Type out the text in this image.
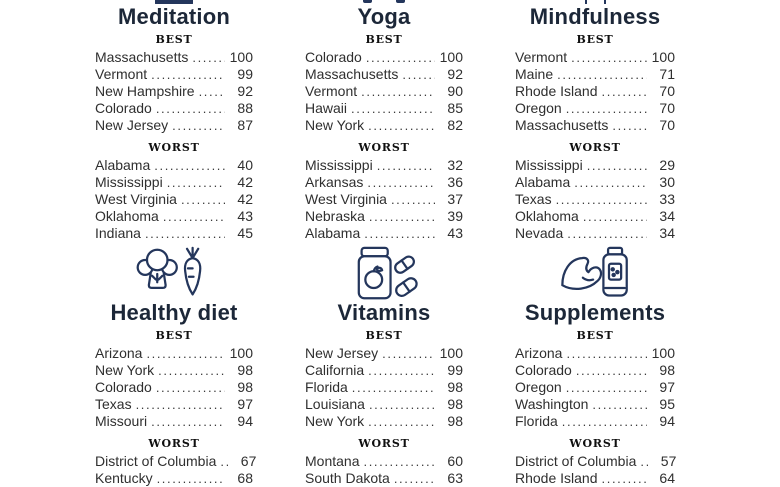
Meditation
BEST
Massachusetts .....	100
Vermont .....	99
New Hampshire .....	92
Colorado .....	88
New Jersey .....	87
WORST
Alabama .....	40
Mississippi .....	42
West Virginia .....	42
Oklahoma .....	43
Indiana .....	45
Yoga
BEST
Colorado .....	100
Massachusetts .....	92
Vermont .....	90
Hawaii .....	85
New York .....	82
WORST
Mississippi .....	32
Arkansas .....	36
West Virginia .....	37
Nebraska .....	39
Alabama .....	43
Mindfulness
BEST
Vermont .....	100
Maine .....	71
Rhode Island .....	70
Oregon .....	70
Massachusetts .....	70
WORST
Mississippi .....	29
Alabama .....	30
Texas .....	33
Oklahoma .....	34
Nevada .....	34
Healthy diet
BEST
Arizona .....	100
New York .....	98
Colorado .....	98
Texas .....	97
Missouri .....	94
WORST
District of Columbia .....	67
Kentucky .....	68
Vitamins
BEST
New Jersey .....	100
California .....	99
Florida .....	98
Louisiana .....	98
New York .....	98
WORST
Montana .....	60
South Dakota .....	63
Supplements
BEST
Arizona .....	100
Colorado .....	98
Oregon .....	97
Washington .....	95
Florida .....	94
WORST
District of Columbia .....	57
Rhode Island .....	64
